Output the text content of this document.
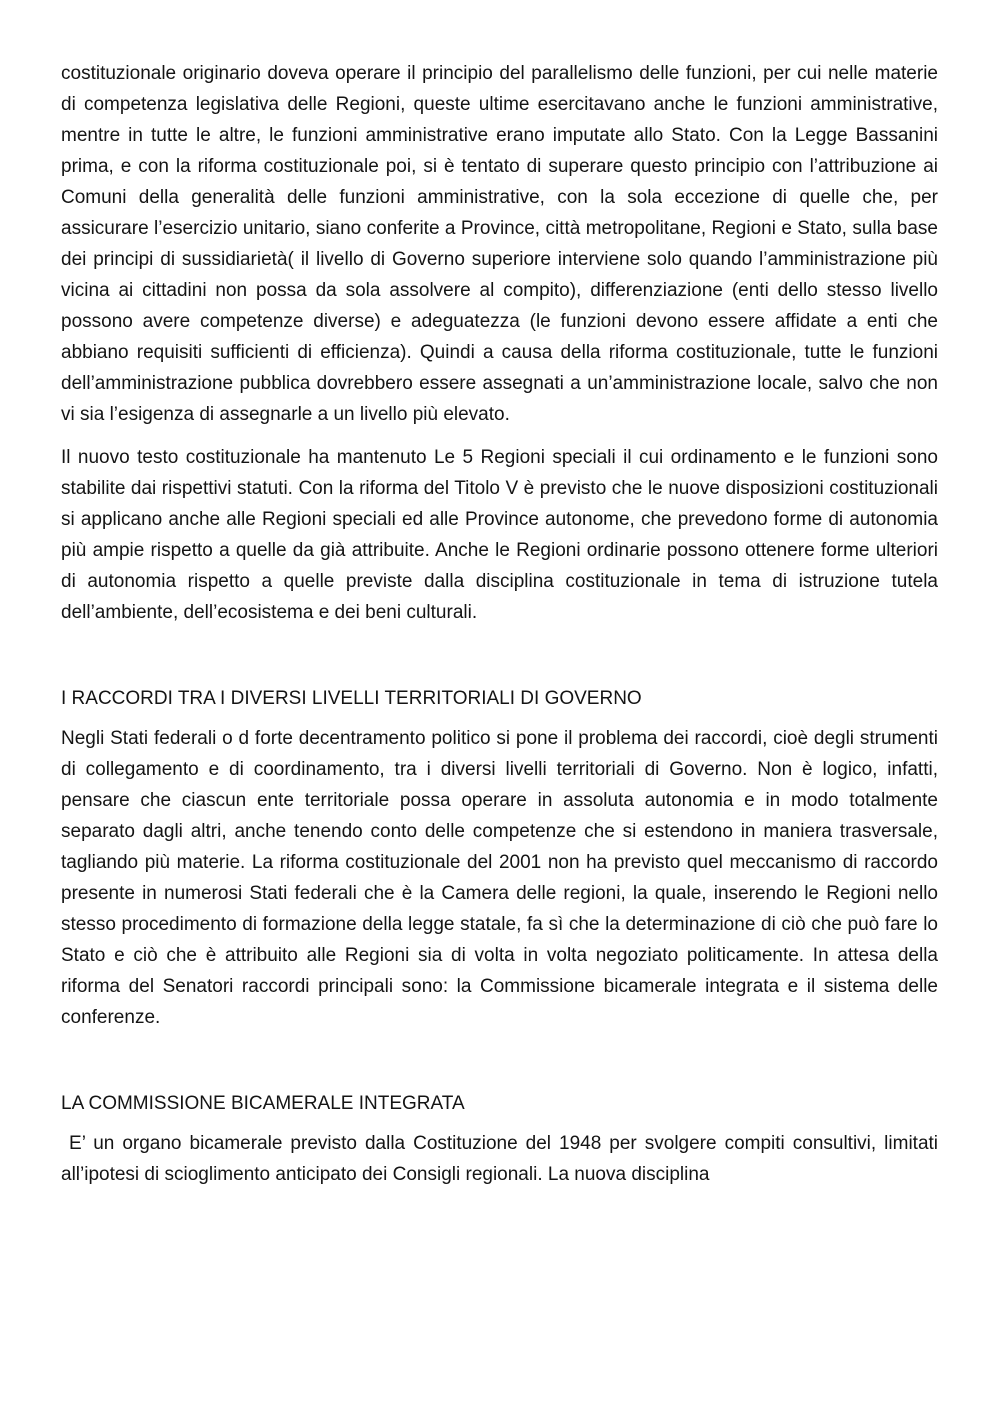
costituzionale originario doveva operare il principio del parallelismo delle funzioni, per cui nelle materie di competenza legislativa delle Regioni, queste ultime esercitavano anche le funzioni amministrative, mentre in tutte le altre, le funzioni amministrative erano imputate allo Stato. Con la Legge Bassanini prima, e con la riforma costituzionale poi, si è tentato di superare questo principio con l’attribuzione ai Comuni della generalità delle funzioni amministrative, con la sola eccezione di quelle che, per assicurare l’esercizio unitario, siano conferite a Province, città metropolitane, Regioni e Stato, sulla base dei principi di sussidiarietà( il livello di Governo superiore interviene solo quando l’amministrazione più vicina ai cittadini non possa da sola assolvere al compito), differenziazione (enti dello stesso livello possono avere competenze diverse) e adeguatezza (le funzioni devono essere affidate a enti che abbiano requisiti sufficienti di efficienza). Quindi a causa della riforma costituzionale, tutte le funzioni dell’amministrazione pubblica dovrebbero essere assegnati a un’amministrazione locale, salvo che non vi sia l’esigenza di assegnarle a un livello più elevato.

Il nuovo testo costituzionale ha mantenuto Le 5 Regioni speciali il cui ordinamento e le funzioni sono stabilite dai rispettivi statuti. Con la riforma del Titolo V è previsto che le nuove disposizioni costituzionali si applicano anche alle Regioni speciali ed alle Province autonome, che prevedono forme di autonomia più ampie rispetto a quelle da già attribuite. Anche le Regioni ordinarie possono ottenere forme ulteriori di autonomia rispetto a quelle previste dalla disciplina costituzionale in tema di istruzione tutela dell’ambiente, dell’ecosistema e dei beni culturali.

I RACCORDI TRA I DIVERSI LIVELLI TERRITORIALI DI GOVERNO

Negli Stati federali o d forte decentramento politico si pone il problema dei raccordi, cioè degli strumenti di collegamento e di coordinamento, tra i diversi livelli territoriali di Governo. Non è logico, infatti, pensare che ciascun ente territoriale possa operare in assoluta autonomia e in modo totalmente separato dagli altri, anche tenendo conto delle competenze che si estendono in maniera trasversale, tagliando più materie. La riforma costituzionale del 2001 non ha previsto quel meccanismo di raccordo presente in numerosi Stati federali che è la Camera delle regioni, la quale, inserendo le Regioni nello stesso procedimento di formazione della legge statale, fa sì che la determinazione di ciò che può fare lo Stato e ciò che è attribuito alle Regioni sia di volta in volta negoziato politicamente. In attesa della riforma del Senatori raccordi principali sono: la Commissione bicamerale integrata e il sistema delle conferenze.

LA COMMISSIONE BICAMERALE INTEGRATA

E’ un organo bicamerale previsto dalla Costituzione del 1948 per svolgere compiti consultivi, limitati all’ipotesi di scioglimento anticipato dei Consigli regionali. La nuova disciplina
